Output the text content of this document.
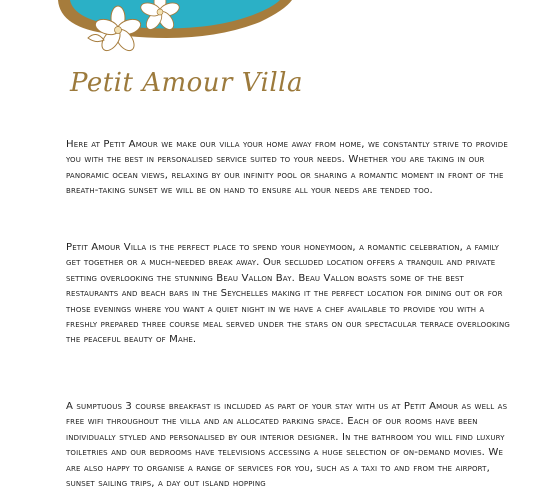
Petit Amour Villa

Here at Petit Amour we make our villa your home away from home, we constantly strive to provide you with the best in personalised service suited to your needs. Whether you are taking in our panoramic ocean views, relaxing by our infinity pool or sharing a romantic moment in front of the breath-taking sunset we will be on hand to ensure all your needs are tended too.

Petit Amour Villa is the perfect place to spend your honeymoon, a romantic celebration, a family get together or a much-needed break away. Our secluded location offers a tranquil and private setting overlooking the stunning Beau Vallon Bay. Beau Vallon boasts some of the best restaurants and beach bars in the Seychelles making it the perfect location for dining out or for those evenings where you want a quiet night in we have a chef available to provide you with a freshly prepared three course meal served under the stars on our spectacular terrace overlooking the peaceful beauty of Mahe.

A sumptuous 3 course breakfast is included as part of your stay with us at Petit Amour as well as free wifi throughout the villa and an allocated parking space. Each of our rooms have been individually styled and personalised by our interior designer. In the bathroom you will find luxury toiletries and our bedrooms have televisions accessing a huge selection of on-demand movies. We are also happy to organise a range of services for you, such as a taxi to and from the airport, sunset sailing trips, a day out island hopping
